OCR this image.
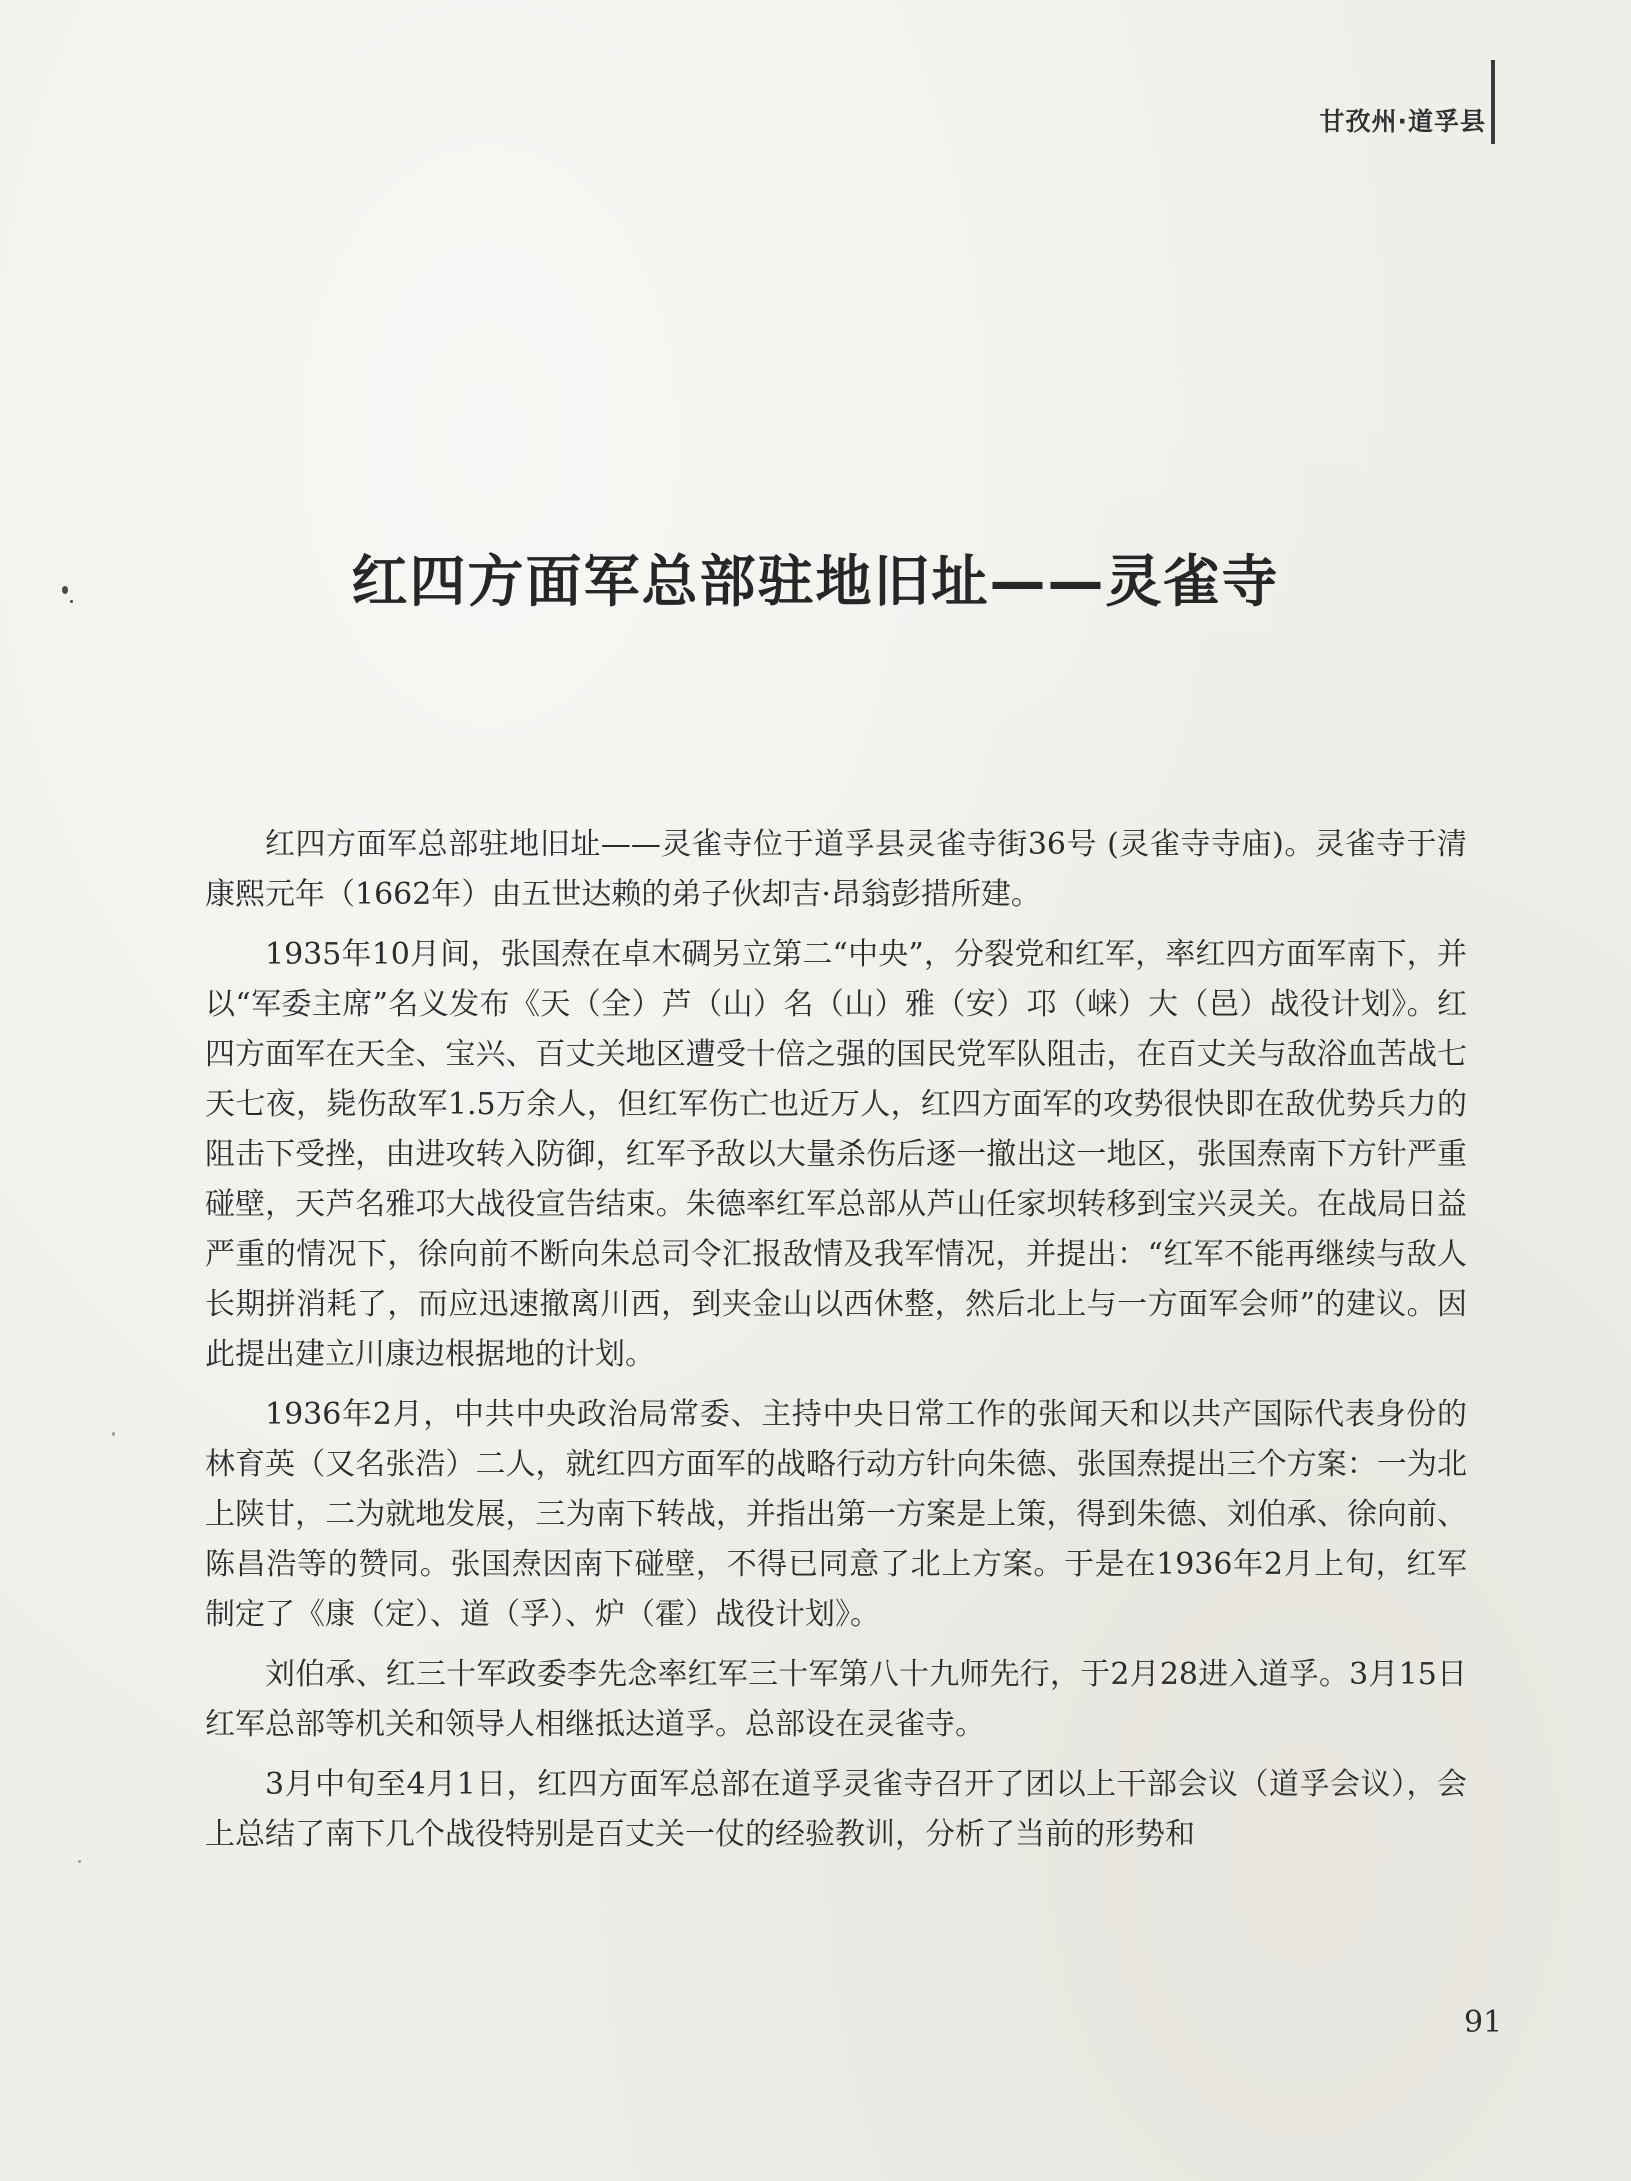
甘孜州·道孚县
红四方面军总部驻地旧址——灵雀寺

红四方面军总部驻地旧址——灵雀寺位于道孚县灵雀寺街36号 (灵雀寺寺庙)。灵雀寺于清康熙元年（1662年）由五世达赖的弟子伙却吉·昂翁彭措所建。

1935年10月间，张国焘在卓木碉另立第二“中央”，分裂党和红军，率红四方面军南下，并以“军委主席”名义发布《天（全）芦（山）名（山）雅（安）邛（崃）大（邑）战役计划》。红四方面军在天全、宝兴、百丈关地区遭受十倍之强的国民党军队阻击，在百丈关与敌浴血苦战七天七夜，毙伤敌军1.5万余人，但红军伤亡也近万人，红四方面军的攻势很快即在敌优势兵力的阻击下受挫，由进攻转入防御，红军予敌以大量杀伤后逐一撤出这一地区，张国焘南下方针严重碰壁，天芦名雅邛大战役宣告结束。朱德率红军总部从芦山任家坝转移到宝兴灵关。在战局日益严重的情况下，徐向前不断向朱总司令汇报敌情及我军情况，并提出：“红军不能再继续与敌人长期拼消耗了，而应迅速撤离川西，到夹金山以西休整，然后北上与一方面军会师”的建议。因此提出建立川康边根据地的计划。

1936年2月，中共中央政治局常委、主持中央日常工作的张闻天和以共产国际代表身份的林育英（又名张浩）二人，就红四方面军的战略行动方针向朱德、张国焘提出三个方案：一为北上陕甘，二为就地发展，三为南下转战，并指出第一方案是上策，得到朱德、刘伯承、徐向前、陈昌浩等的赞同。张国焘因南下碰壁，不得已同意了北上方案。于是在1936年2月上旬，红军制定了《康（定）、道（孚）、炉（霍）战役计划》。

刘伯承、红三十军政委李先念率红军三十军第八十九师先行，于2月28进入道孚。3月15日红军总部等机关和领导人相继抵达道孚。总部设在灵雀寺。

3月中旬至4月1日，红四方面军总部在道孚灵雀寺召开了团以上干部会议（道孚会议），会上总结了南下几个战役特别是百丈关一仗的经验教训，分析了当前的形势和

91
